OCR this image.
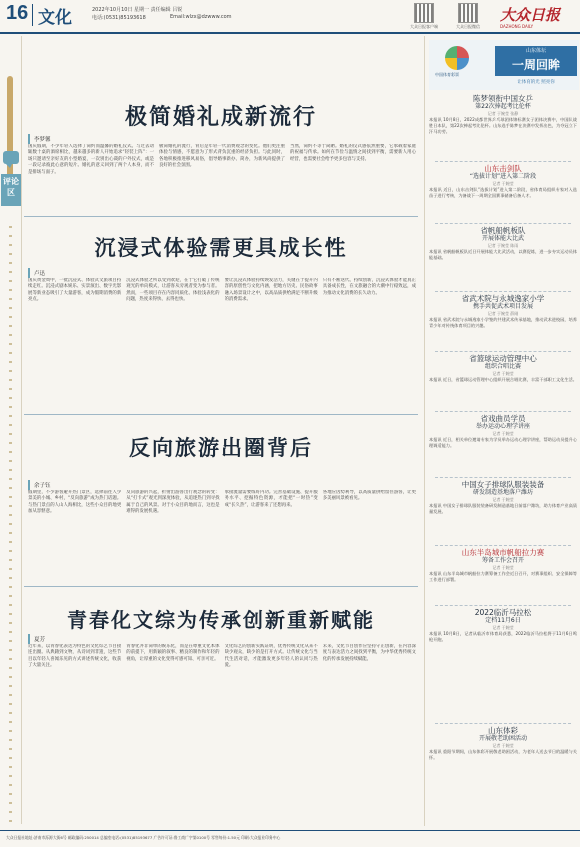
16 文化	2022年10月10日 星期一 责任编辑 吕锐
电话:(0531)85193618	Email:wlzx@dzwww.com
大众日报客户端	大众日报微信
大众日报
DAZHONG DAILY
评论区
极简婚礼成新流行
李梦馨
国庆假期，不少年轻人选择了简约而温馨的婚礼仪式。与过去动辄数十桌的酒席相比，越来越多的新人开始追求“轻装上阵”：一场只邀请至亲好友的小型婚宴，一次别出心裁的户外仪式，或是一段记录彼此心意的短片。婚礼的意义回到了两个人本身，而不是排场与面子。
极简婚礼的流行，背后是年轻一代消费观念的变化。他们更注重体验与情感，不愿意为了形式背负沉重的经济负担。与此同时，各地积极推进移风易俗，倡导婚事新办、简办，为新风尚提供了良好的社会氛围。
当然，简约不等于简陋。婚礼的仪式感依然重要，它承载着家庭的祝福与传承。如何在节俭与温情之间找到平衡，需要新人用心经营，也需要社会给予更多包容与支持。
沉浸式体验需更具成长性
卢迅
国庆黄金周中，一批沉浸式、体验式文旅项目持续走红。沉浸式剧本娱乐、实景演出、数字光影展等新业态吸引了大量游客，成为假期消费的新亮点。
沉浸式体验之所以受到欢迎，在于它打破了传统观光的单向模式，让游客从旁观者变为参与者。然而，一些项目存在内容同质化、体验浅表化的问题，热度来得快、去得也快。
要让沉浸式体验持续焕发活力，关键在于提升内容的原创性与文化内涵，把地方历史、民俗故事融入场景设计之中，以高品质供给满足不断升级的消费需求。
只有不断迭代、持续创新，沉浸式体验才能真正具备成长性，在文旅融合的大潮中行稳致远，成为推动文化消费的长久动力。
反向旅游出圈背后
余子钰
假期里，不少游客避开热门景区，选择前往人少景美的小城、乡村，“反向旅游”成为热门话题。与热门景点的人山人海相比，这些小众目的地更加从容惬意。
反向旅游的兴起，折射出游客出行观念的转变：从“打卡式”观光到深度体验，从追逐热门到寻找属于自己的风景。对于小众目的地而言，这也是难得的发展机遇。
承接流量需要练好内功。完善基础设施、提升服务水平、挖掘特色资源，才能把“一时热”变成“长久热”，让游客来了还想再来。
各地应因势利导，以高质量供给留住游客，让更多美丽风景被看见。
青春化文综为传承创新重新赋能
夏芳
近年来，以青春化表达为特色的文化综艺节目接连出圈。从典籍到文物，从诗词到非遗，这些节目以年轻人喜闻乐见的方式讲述传统文化，收获了大量关注。
青春化并非简单的娱乐化，而是在尊重文化本体的前提下，用新颖的叙事、精良的制作和年轻的视角，让厚重的文化变得可感可知、可亲可近。
文化综艺的创新实践证明，优秀传统文化从来不缺少观众，缺少的是打开方式。让传统文化与当代生活对话，才能激发更多年轻人的认同与热爱。
未来，文化节目创作应坚持守正创新，在内容深度与表达活力之间找到平衡，为中华优秀传统文化的传承发展持续赋能。
中国体育彩票
山东体坛
一周回眸
让体育的光 照亮你
陈梦领衔中国女乒
第22次捧起考比伦杯
记者 于婉莹 张静
本报讯 10月8日，2022成都世界乒乓球团体锦标赛女子团体决赛中，中国队战胜日本队，第22次捧起考比伦杯。山东选手陈梦在决赛中发挥出色，为夺冠立下汗马功劳。
山东击剑队
“选拔计划”进入第二阶段
记者 于婉莹
本报讯 近日，山东击剑队“选拔计划”进入第二阶段，省体育局组织专家对入选苗子进行考核，为备战下一周期全国赛事储备后备人才。
省帆船帆板队
开展体能大比武
记者 于婉莹 陈雨
本报讯 省帆船帆板队近日开展体能大比武活动，以赛促练，进一步夯实运动员体能基础。
省武术院与永城逸家小学
携手共促武术项目发展
记者 于婉莹 薛刚
本报讯 省武术院与永城逸家小学签约共建武术传承基地，推动武术进校园，培养青少年对传统体育项目的兴趣。
省篮球运动管理中心
组织合唱比赛
记者 于婉莹
本报讯 近日，省篮球运动管理中心组织开展合唱比赛，丰富干部职工文化生活。
省戏曲员学员
举办运动心理学讲座
记者 于婉莹
本报讯 近日，相关单位邀请专家为学员举办运动心理学讲座，帮助运动员提升心理调适能力。
中国女子排球队服装装备
研发制造基地落户潍坊
记者 于婉莹
本报讯 中国女子排球队服装装备研发制造基地日前落户潍坊，助力体育产业高质量发展。
山东半岛城市帆船拉力赛
筹备工作会召开
记者 于婉莹
本报讯 山东半岛城市帆船拉力赛筹备工作会近日召开，对赛事组织、安全保障等工作进行部署。
2022临沂马拉松
定档11月6日
记者 于婉莹
本报讯 10月8日，记者从临沂市体育局获悉，2022临沂马拉松将于11月6日鸣枪开跑。
山东体彩
开展敬老助困活动
记者 于婉莹
本报讯 重阳节期间，山东体彩开展敬老助困活动，为老年人送去节日的温暖与关怀。
大众日报社地址:济南市泺源大街6号 邮政编码:250014 总编室电话:(0531)85193677 广告许可证:鲁工商广字第0100号 零售每份:1.50元 印刷:大众报业印务中心
